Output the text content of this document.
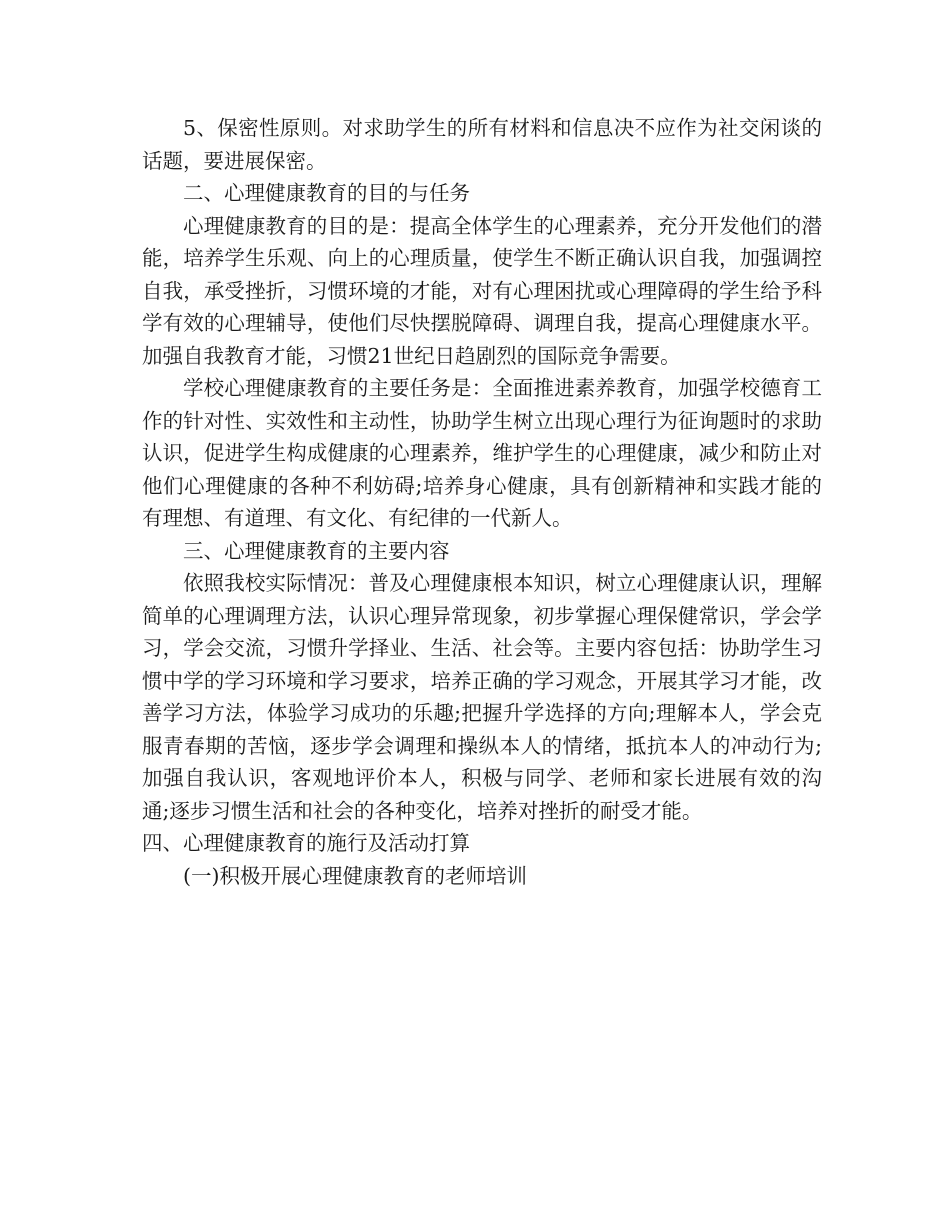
5、保密性原则。对求助学生的所有材料和信息决不应作为社交闲谈的话题，要进展保密。

二、心理健康教育的目的与任务

心理健康教育的目的是：提高全体学生的心理素养，充分开发他们的潜能，培养学生乐观、向上的心理质量，使学生不断正确认识自我，加强调控自我，承受挫折，习惯环境的才能，对有心理困扰或心理障碍的学生给予科学有效的心理辅导，使他们尽快摆脱障碍、调理自我，提高心理健康水平。加强自我教育才能，习惯21世纪日趋剧烈的国际竞争需要。

学校心理健康教育的主要任务是：全面推进素养教育，加强学校德育工作的针对性、实效性和主动性，协助学生树立出现心理行为征询题时的求助认识，促进学生构成健康的心理素养，维护学生的心理健康，减少和防止对他们心理健康的各种不利妨碍;培养身心健康，具有创新精神和实践才能的有理想、有道理、有文化、有纪律的一代新人。

三、心理健康教育的主要内容

依照我校实际情况：普及心理健康根本知识，树立心理健康认识，理解简单的心理调理方法，认识心理异常现象，初步掌握心理保健常识，学会学习，学会交流，习惯升学择业、生活、社会等。主要内容包括：协助学生习惯中学的学习环境和学习要求，培养正确的学习观念，开展其学习才能，改善学习方法，体验学习成功的乐趣;把握升学选择的方向;理解本人，学会克服青春期的苦恼，逐步学会调理和操纵本人的情绪，抵抗本人的冲动行为;加强自我认识，客观地评价本人，积极与同学、老师和家长进展有效的沟通;逐步习惯生活和社会的各种变化，培养对挫折的耐受才能。

四、心理健康教育的施行及活动打算

(一)积极开展心理健康教育的老师培训
